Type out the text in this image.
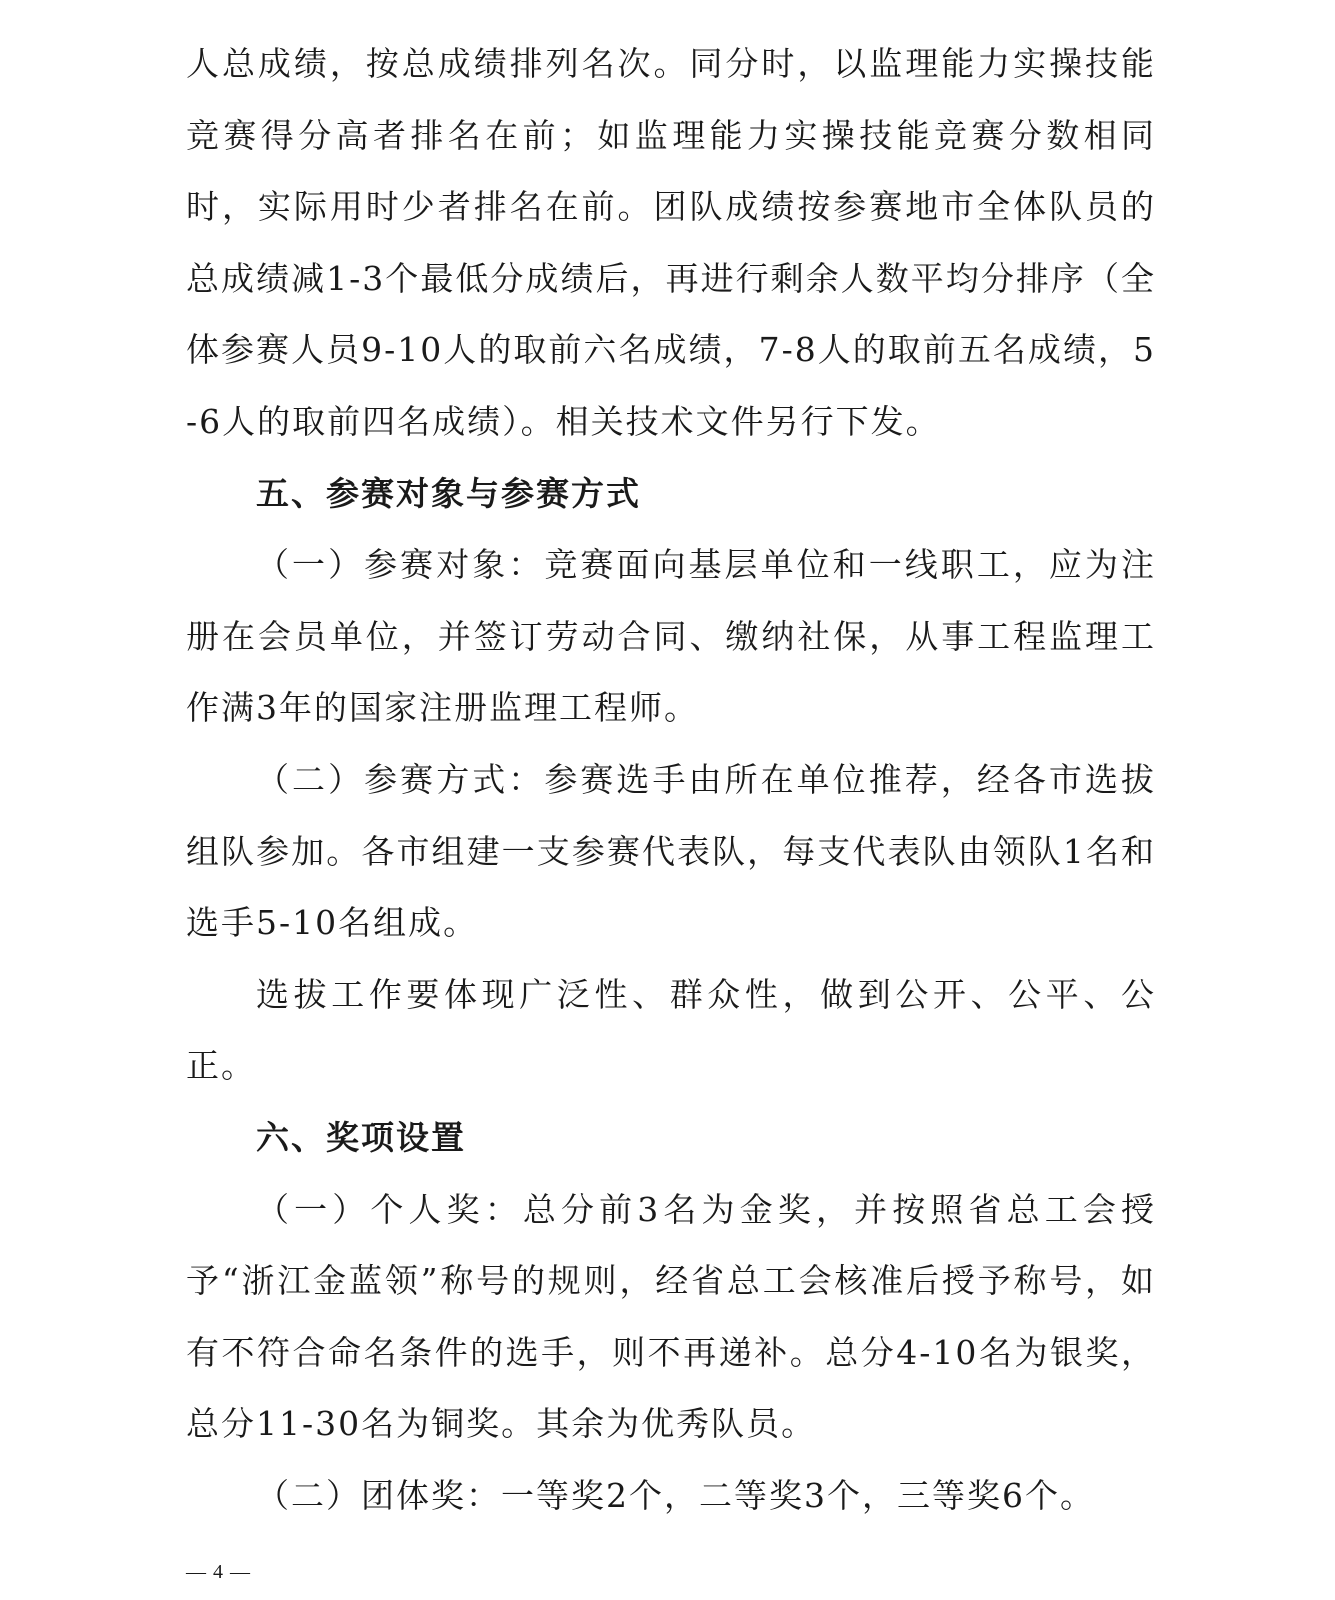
人总成绩，按总成绩排列名次。同分时，以监理能力实操技能竞赛得分高者排名在前；如监理能力实操技能竞赛分数相同时，实际用时少者排名在前。团队成绩按参赛地市全体队员的总成绩减1-3个最低分成绩后，再进行剩余人数平均分排序（全体参赛人员9-10人的取前六名成绩，7-8人的取前五名成绩，5-6人的取前四名成绩）。相关技术文件另行下发。

五、参赛对象与参赛方式

（一）参赛对象：竞赛面向基层单位和一线职工，应为注册在会员单位，并签订劳动合同、缴纳社保，从事工程监理工作满3年的国家注册监理工程师。

（二）参赛方式：参赛选手由所在单位推荐，经各市选拔组队参加。各市组建一支参赛代表队，每支代表队由领队1名和选手5-10名组成。

选拔工作要体现广泛性、群众性，做到公开、公平、公正。

六、奖项设置

（一）个人奖：总分前3名为金奖，并按照省总工会授予“浙江金蓝领”称号的规则，经省总工会核准后授予称号，如有不符合命名条件的选手，则不再递补。总分4-10名为银奖，总分11-30名为铜奖。其余为优秀队员。

（二）团体奖：一等奖2个，二等奖3个，三等奖6个。

— 4 —
